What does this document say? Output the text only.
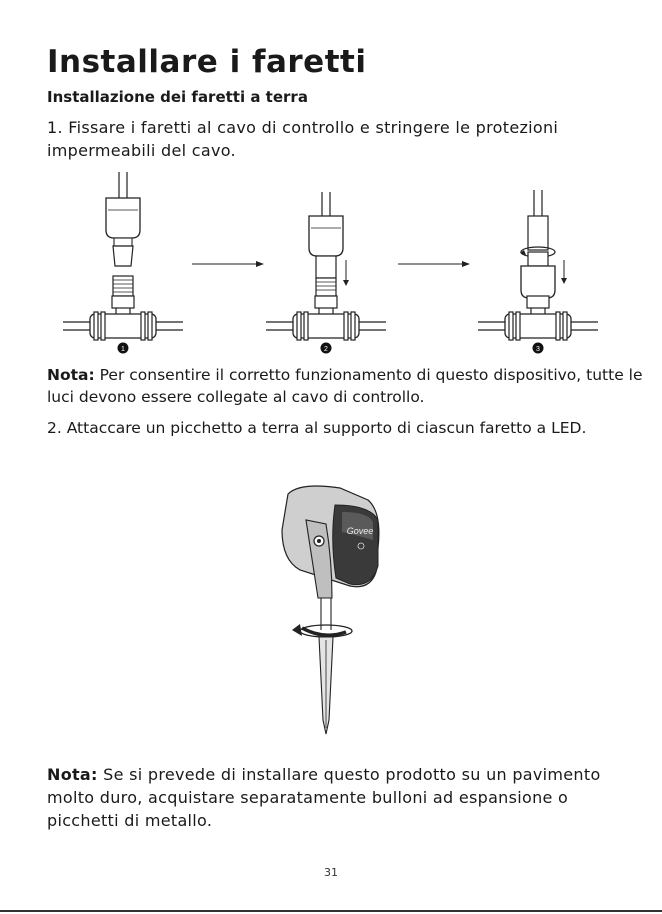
Installare i faretti
Installazione dei faretti a terra

1. Fissare i faretti al cavo di controllo e stringere le protezioni impermeabili del cavo.

1	2	3
Govee

Nota: Per consentire il corretto funzionamento di questo dispositivo, tutte le luci devono essere collegate al cavo di controllo.

2. Attaccare un picchetto a terra al supporto di ciascun faretto a LED.

Nota: Se si prevede di installare questo prodotto su un pavimento molto duro, acquistare separatamente bulloni ad espansione o picchetti di metallo.

31
